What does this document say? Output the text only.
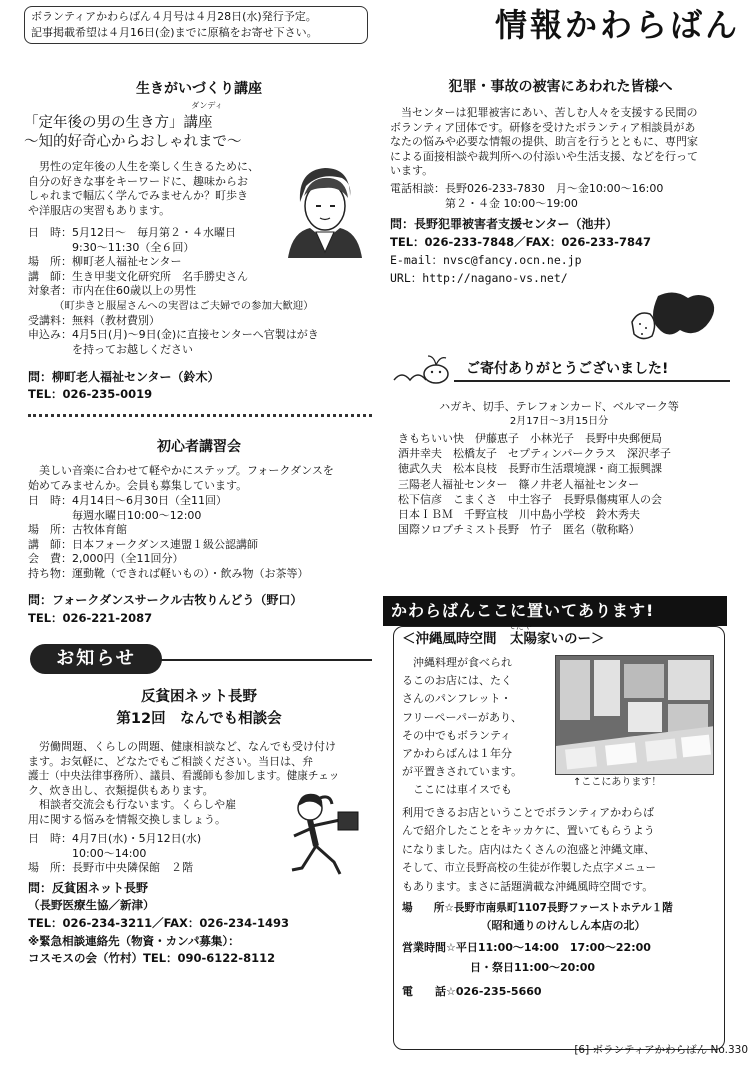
ボランティアかわらばん４月号は４月28日(水)発行予定。
記事掲載希望は４月16日(金)までに原稿をお寄せ下さい。	情報かわらばん
生きがいづくり講座
ダンディ
「定年後の男の生き方」講座
～知的好奇心からおしゃれまで～
男性の定年後の人生を楽しく生きるために、
自分の好きな事をキーワードに、趣味からお
しゃれまで幅広く学んでみませんか？町歩き
や洋服店の実習もあります。
日　時：5月12日～　毎月第２・４水曜日
　　　　9:30～11:30（全６回）
場　所：柳町老人福祉センター
講　師：生き甲斐文化研究所　名手勝史さん
対象者：市内在住60歳以上の男性
　　　（町歩きと服屋さんへの実習はご夫婦での参加大歓迎）
受講料：無料（教材費別）
申込み：4月5日(月)～9日(金)に直接センターへ官製はがき
　　　　を持ってお越しください
問：柳町老人福祉センター（鈴木）
TEL：026-235-0019
初心者講習会
美しい音楽に合わせて軽やかにステップ。フォークダンスを
始めてみませんか。会員も募集しています。
日　時：4月14日～6月30日（全11回）
　　　　毎週水曜日10:00～12:00
場　所：古牧体育館
講　師：日本フォークダンス連盟１級公認講師
会　費：2,000円（全11回分）
持ち物：運動靴（できれば軽いもの）・飲み物（お茶等）
問：フォークダンスサークル古牧りんどう（野口）
TEL：026-221-2087
お知らせ
反貧困ネット長野
第12回　なんでも相談会
労働問題、くらしの問題、健康相談など、なんでも受け付け
ます。お気軽に、どなたでもご相談ください。当日は、弁
護士（中央法律事務所）、議員、看護師も参加します。健康チェッ
ク、炊き出し、衣類提供もあります。
相談者交流会も行ないます。くらしや雇
用に関する悩みを情報交換しましょう。
日　時：4月7日(水)・5月12日(水)
　　　　10:00～14:00
場　所：長野市中央隣保館　２階
問：反貧困ネット長野
（長野医療生協／新津）
TEL：026-234-3211／FAX：026-234-1493
※緊急相談連絡先（物資・カンパ募集）：
コスモスの会（竹村）TEL：090-6122-8112
犯罪・事故の被害にあわれた皆様へ
当センターは犯罪被害にあい、苦しむ人々を支援する民間の
ボランティア団体です。研修を受けたボランティア相談員があ
なたの悩みや必要な情報の提供、助言を行うとともに、専門家
による面接相談や裁判所への付添いや生活支援、などを行って
います。
電話相談：長野026-233-7830　月～金10:00～16:00
　　　　　第２・４金 10:00～19:00
問：長野犯罪被害者支援センター（池井）
TEL：026-233-7848／FAX：026-233-7847
E-mail：nvsc@fancy.ocn.ne.jp
URL：http://nagano-vs.net/
ご寄付ありがとうございました!
ハガキ、切手、テレフォンカード、ベルマーク等
2月17日～3月15日分
きもちいい快　伊藤恵子　小林光子　長野中央郵便局
酒井幸夫　松橋友子　セプティンパークラス　深沢孝子
徳武久夫　松本良枝　長野市生活環境課・商工振興課
三陽老人福祉センター　篠ノ井老人福祉センター
松下信彦　こまくさ　中土容子　長野県傷痍軍人の会
日本ＩＢＭ　千野宣枝　川中島小学校　鈴木秀夫
国際ソロプチミスト長野　竹子　匿名（敬称略）
かわらばんここに置いてあります!
てだや
＜沖縄風時空間　太陽家いのー＞
沖縄料理が食べられ
るこのお店には、たく
さんのパンフレット・
フリーペーパーがあり、
その中でもボランティ
アかわらばんは１年分
が平置きされています。
ここには車イスでも
↑ここにあります！
利用できるお店ということでボランティアかわらば
んで紹介したことをキッカケに、置いてもらうよう
になりました。店内はたくさんの泡盛と沖縄文庫、
そして、市立長野高校の生徒が作製した点字メニュー
もあります。まさに話題満載な沖縄風時空間です。
場　　所☆長野市南県町1107長野ファーストホテル１階
（昭和通りのけんしん本店の北）
営業時間☆平日11:00～14:00　17:00～22:00
日・祭日11:00～20:00
電　　話☆026-235-5660
[6] ボランティアかわらばん No.330
